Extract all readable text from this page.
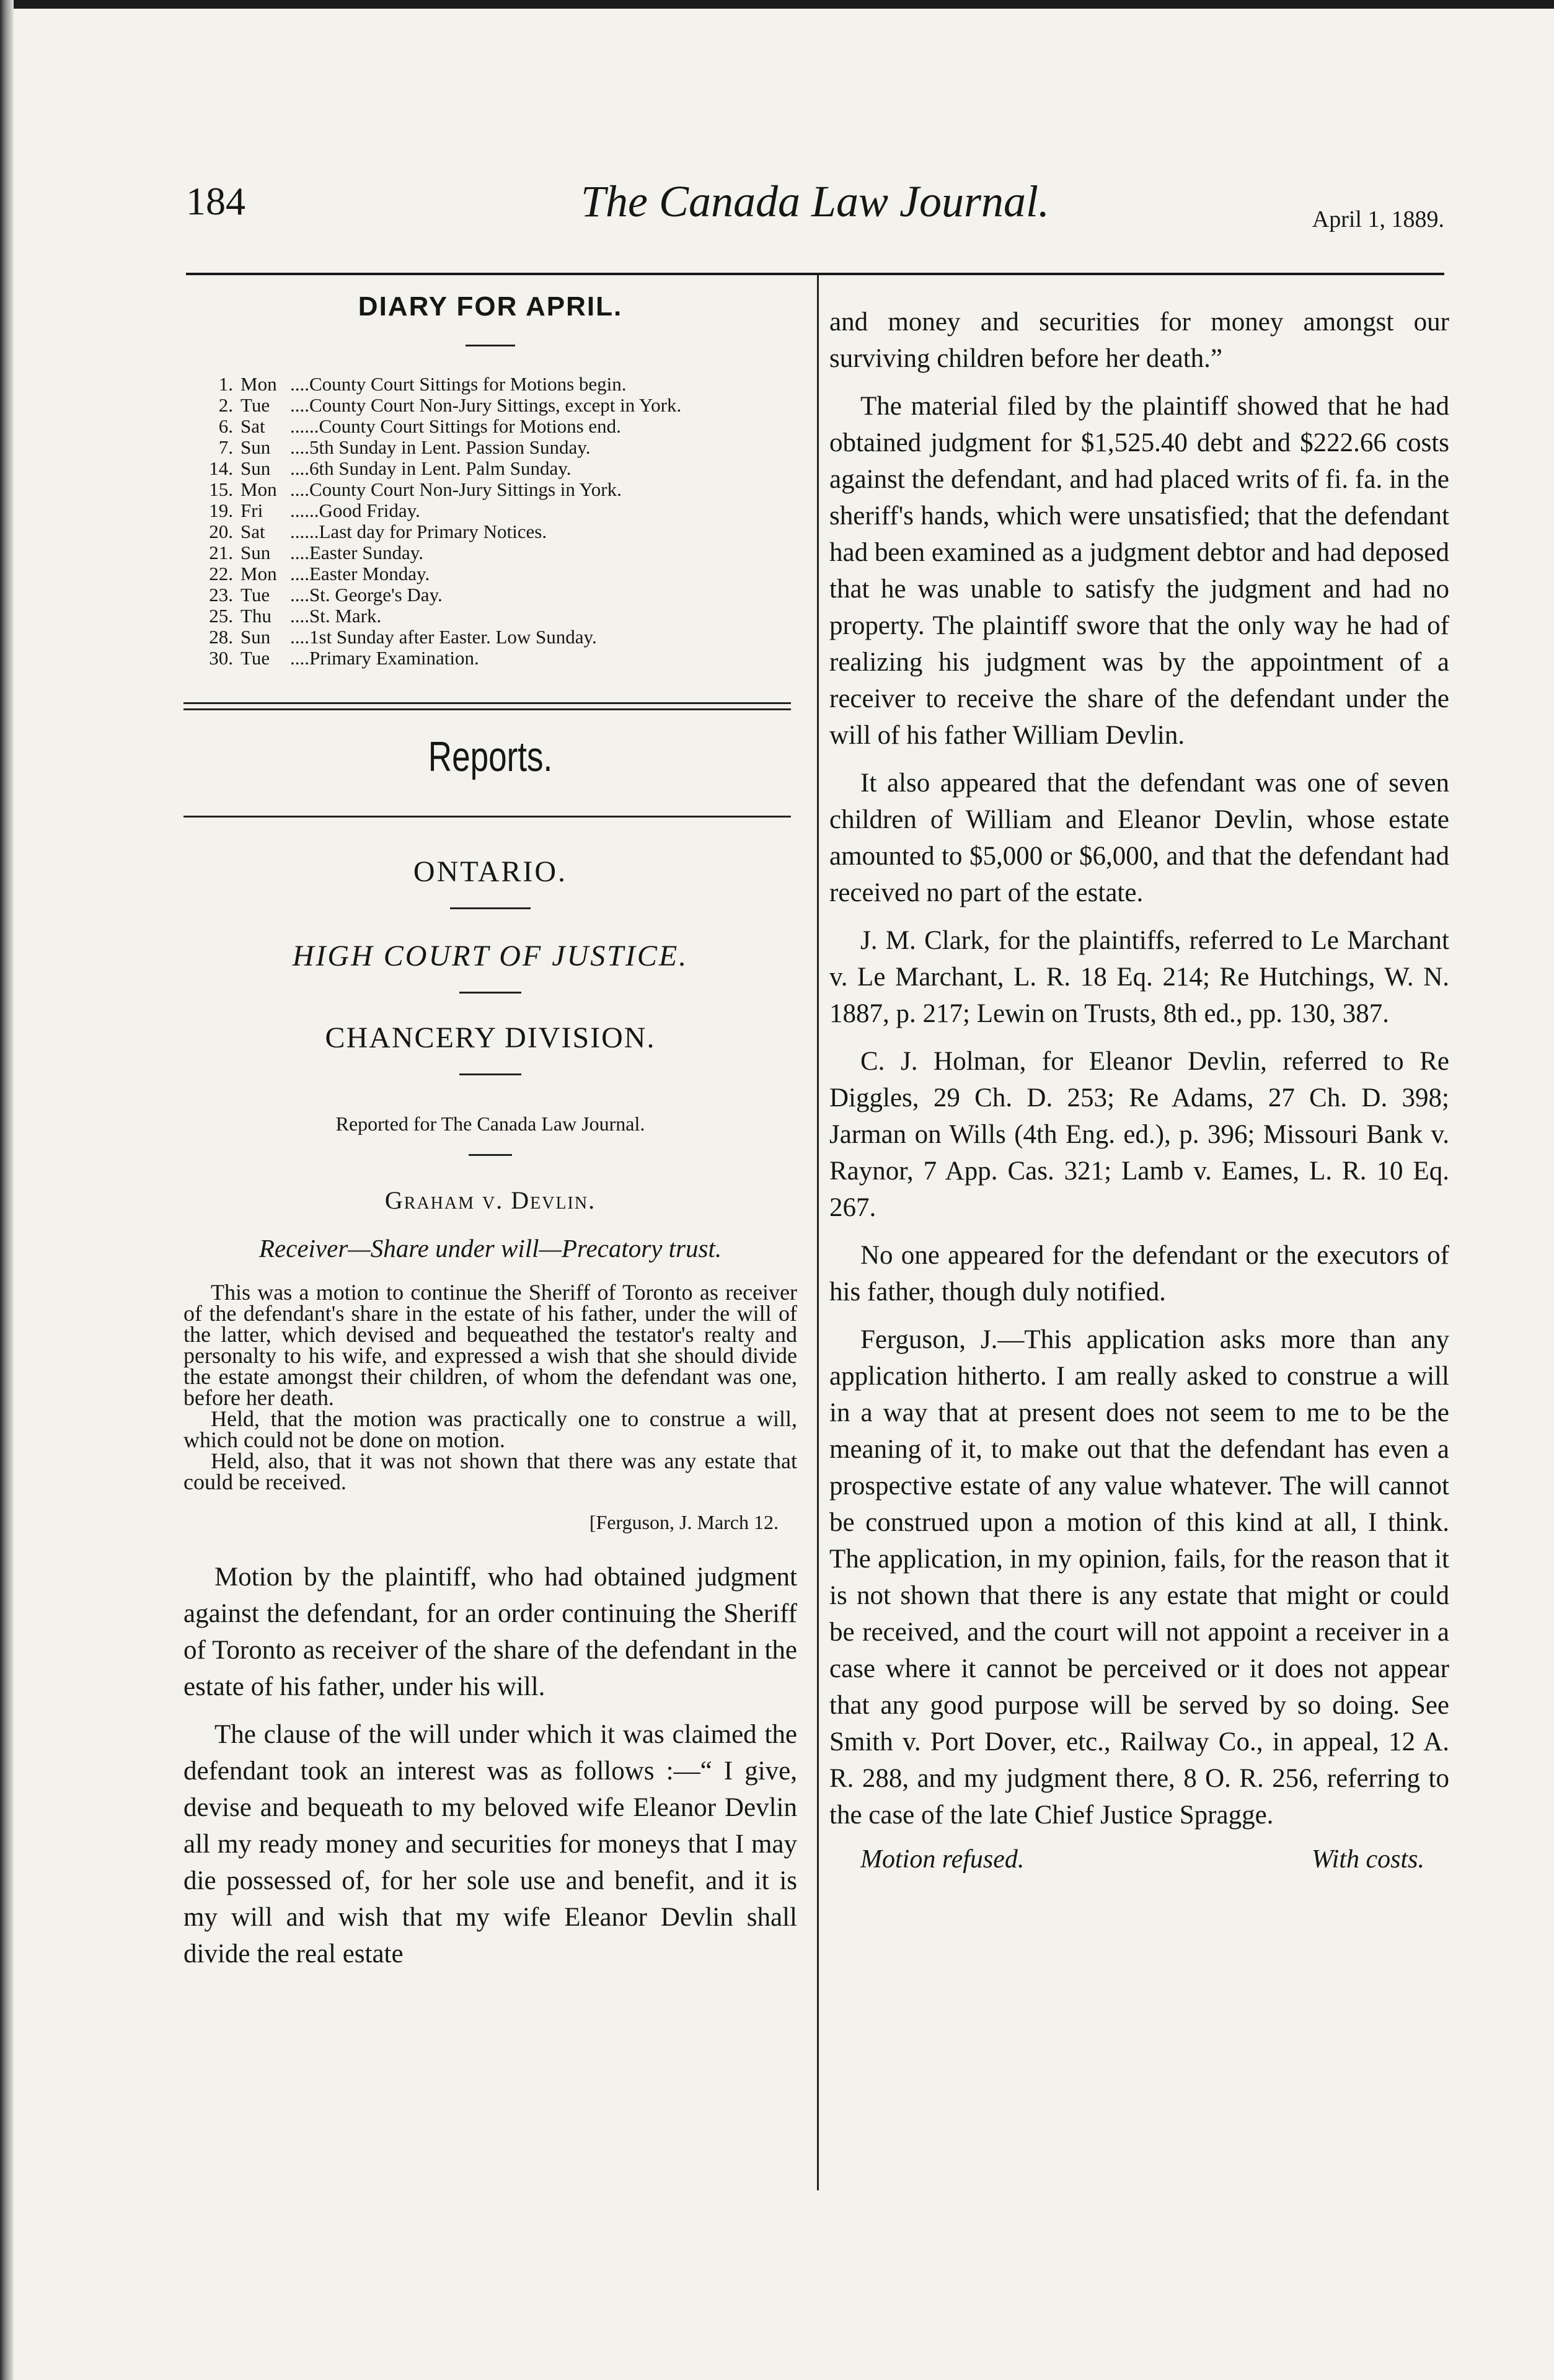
184	The Canada Law Journal.	April 1, 1889.
DIARY FOR APRIL.
1. Mon ....County Court Sittings for Motions begin.
2. Tue	....County Court Non-Jury Sittings, except in York.
6. Sat	......County Court Sittings for Motions end.
7. Sun	....5th Sunday in Lent. Passion Sunday.
14. Sun	....6th Sunday in Lent. Palm Sunday.
15. Mon ....County Court Non-Jury Sittings in York.
19. Fri	......Good Friday.
20. Sat	......Last day for Primary Notices.
21. Sun	....Easter Sunday.
22. Mon ....Easter Monday.
23. Tue	....St. George's Day.
25. Thu ....St. Mark.
28. Sun	....1st Sunday after Easter. Low Sunday.
30. Tue	....Primary Examination.
Reports.
ONTARIO.
HIGH COURT OF JUSTICE.
CHANCERY DIVISION.
Reported for The Canada Law Journal.
Graham v. Devlin.
Receiver—Share under will—Precatory trust.

This was a motion to continue the Sheriff of Toronto as receiver of the defendant's share in the estate of his father, under the will of the latter, which devised and bequeathed the testator's realty and personalty to his wife, and expressed a wish that she should divide the estate amongst their children, of whom the defendant was one, before her death.

Held, that the motion was practically one to construe a will, which could not be done on motion.

Held, also, that it was not shown that there was any estate that could be received.

[Ferguson, J. March 12.

Motion by the plaintiff, who had obtained judgment against the defendant, for an order continuing the Sheriff of Toronto as receiver of the share of the defendant in the estate of his father, under his will.

The clause of the will under which it was claimed the defendant took an interest was as follows :—“ I give, devise and bequeath to my beloved wife Eleanor Devlin all my ready money and securities for moneys that I may die possessed of, for her sole use and benefit, and it is my will and wish that my wife Eleanor Devlin shall divide the real estate

and money and securities for money amongst our surviving children before her death.”

The material filed by the plaintiff showed that he had obtained judgment for $1,525.40 debt and $222.66 costs against the defendant, and had placed writs of fi. fa. in the sheriff's hands, which were unsatisfied; that the defendant had been examined as a judgment debtor and had deposed that he was unable to satisfy the judgment and had no property. The plaintiff swore that the only way he had of realizing his judgment was by the appointment of a receiver to receive the share of the defendant under the will of his father William Devlin.

It also appeared that the defendant was one of seven children of William and Eleanor Devlin, whose estate amounted to $5,000 or $6,000, and that the defendant had received no part of the estate.

J. M. Clark, for the plaintiffs, referred to Le Marchant v. Le Marchant, L. R. 18 Eq. 214; Re Hutchings, W. N. 1887, p. 217; Lewin on Trusts, 8th ed., pp. 130, 387.

C. J. Holman, for Eleanor Devlin, referred to Re Diggles, 29 Ch. D. 253; Re Adams, 27 Ch. D. 398; Jarman on Wills (4th Eng. ed.), p. 396; Missouri Bank v. Raynor, 7 App. Cas. 321; Lamb v. Eames, L. R. 10 Eq. 267.

No one appeared for the defendant or the executors of his father, though duly notified.

Ferguson, J.—This application asks more than any application hitherto. I am really asked to construe a will in a way that at present does not seem to me to be the meaning of it, to make out that the defendant has even a prospective estate of any value whatever. The will cannot be construed upon a motion of this kind at all, I think. The application, in my opinion, fails, for the reason that it is not shown that there is any estate that might or could be received, and the court will not appoint a receiver in a case where it cannot be perceived or it does not appear that any good purpose will be served by so doing. See Smith v. Port Dover, etc., Railway Co., in appeal, 12 A. R. 288, and my judgment there, 8 O. R. 256, referring to the case of the late Chief Justice Spragge.

Motion refused.	With costs.
